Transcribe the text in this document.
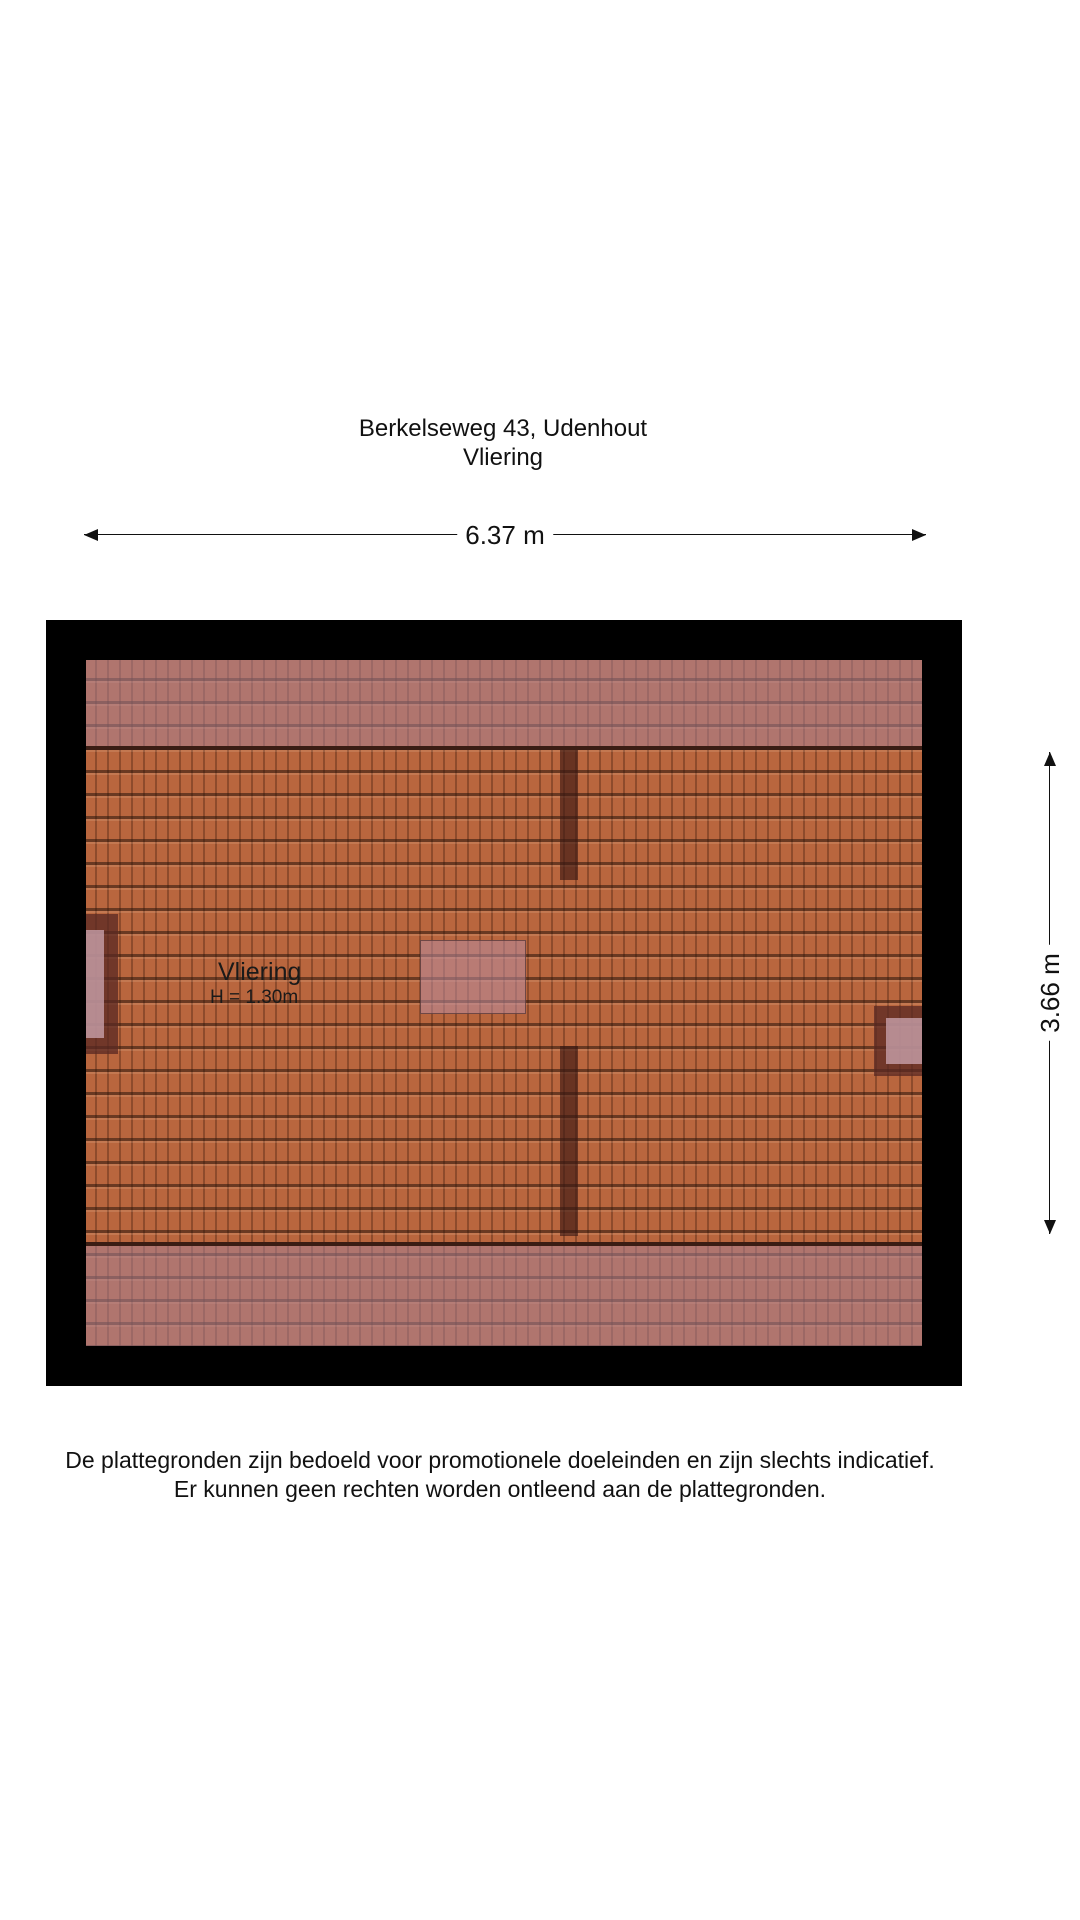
Berkelseweg 43, Udenhout
Vliering
6.37 m
3.66 m
Vliering
H = 1.30m
De plattegronden zijn bedoeld voor promotionele doeleinden en zijn slechts indicatief.
Er kunnen geen rechten worden ontleend aan de plattegronden.
